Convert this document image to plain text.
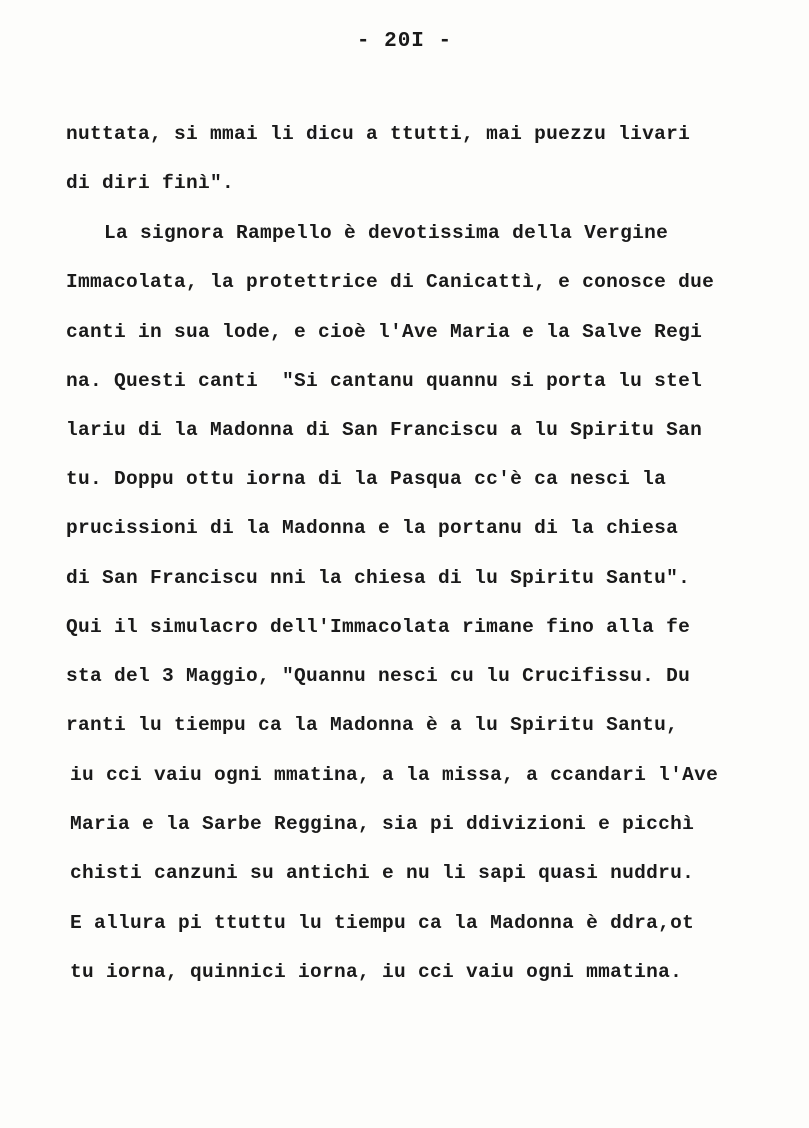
- 20I -
nuttata, si mmai li dicu a ttutti, mai puezzu livari
di diri finì".
La signora Rampello è devotissima della Vergine
Immacolata, la protettrice di Canicattì, e conosce due
canti in sua lode, e cioè l'Ave Maria e la Salve Regi
na. Questi canti  "Si cantanu quannu si porta lu stel
lariu di la Madonna di San Franciscu a lu Spiritu San
tu. Doppu ottu iorna di la Pasqua cc'è ca nesci la
prucissioni di la Madonna e la portanu di la chiesa
di San Franciscu nni la chiesa di lu Spiritu Santu".
Qui il simulacro dell'Immacolata rimane fino alla fe
sta del 3 Maggio, "Quannu nesci cu lu Crucifissu. Du
ranti lu tiempu ca la Madonna è a lu Spiritu Santu,
iu cci vaiu ogni mmatina, a la missa, a ccandari l'Ave
Maria e la Sarbe Reggina, sia pi ddivizioni e picchì
chisti canzuni su antichi e nu li sapi quasi nuddru.
E allura pi ttuttu lu tiempu ca la Madonna è ddra,ot
tu iorna, quinnici iorna, iu cci vaiu ogni mmatina.
